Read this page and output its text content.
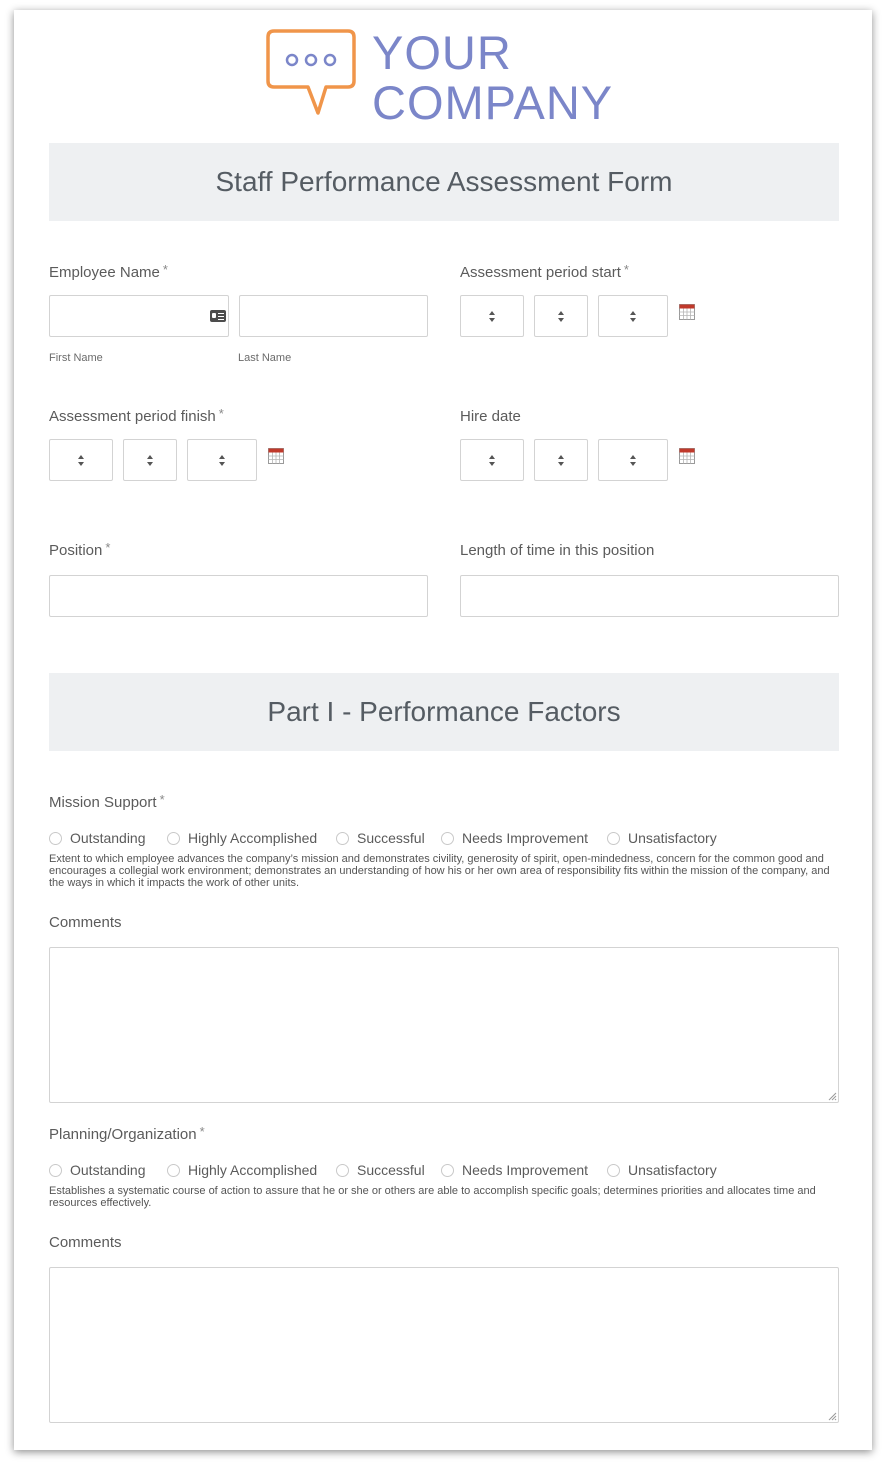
YOUR
COMPANY
Staff Performance Assessment Form
Employee Name *
First Name	Last Name
Assessment period start *
Assessment period finish *	Hire date
Position *	Length of time in this position
Part I - Performance Factors
Mission Support *
Outstanding	Highly Accomplished	Successful	Needs Improvement	Unsatisfactory
Extent to which employee advances the company’s mission and demonstrates civility, generosity of spirit, open-mindedness, concern for the common good and encourages a collegial work environment; demonstrates an understanding of how his or her own area of responsibility fits within the mission of the company, and the ways in which it impacts the work of other units.
Comments
Planning/Organization *
Outstanding	Highly Accomplished	Successful	Needs Improvement	Unsatisfactory
Establishes a systematic course of action to assure that he or she or others are able to accomplish specific goals; determines priorities and allocates time and resources effectively.
Comments
